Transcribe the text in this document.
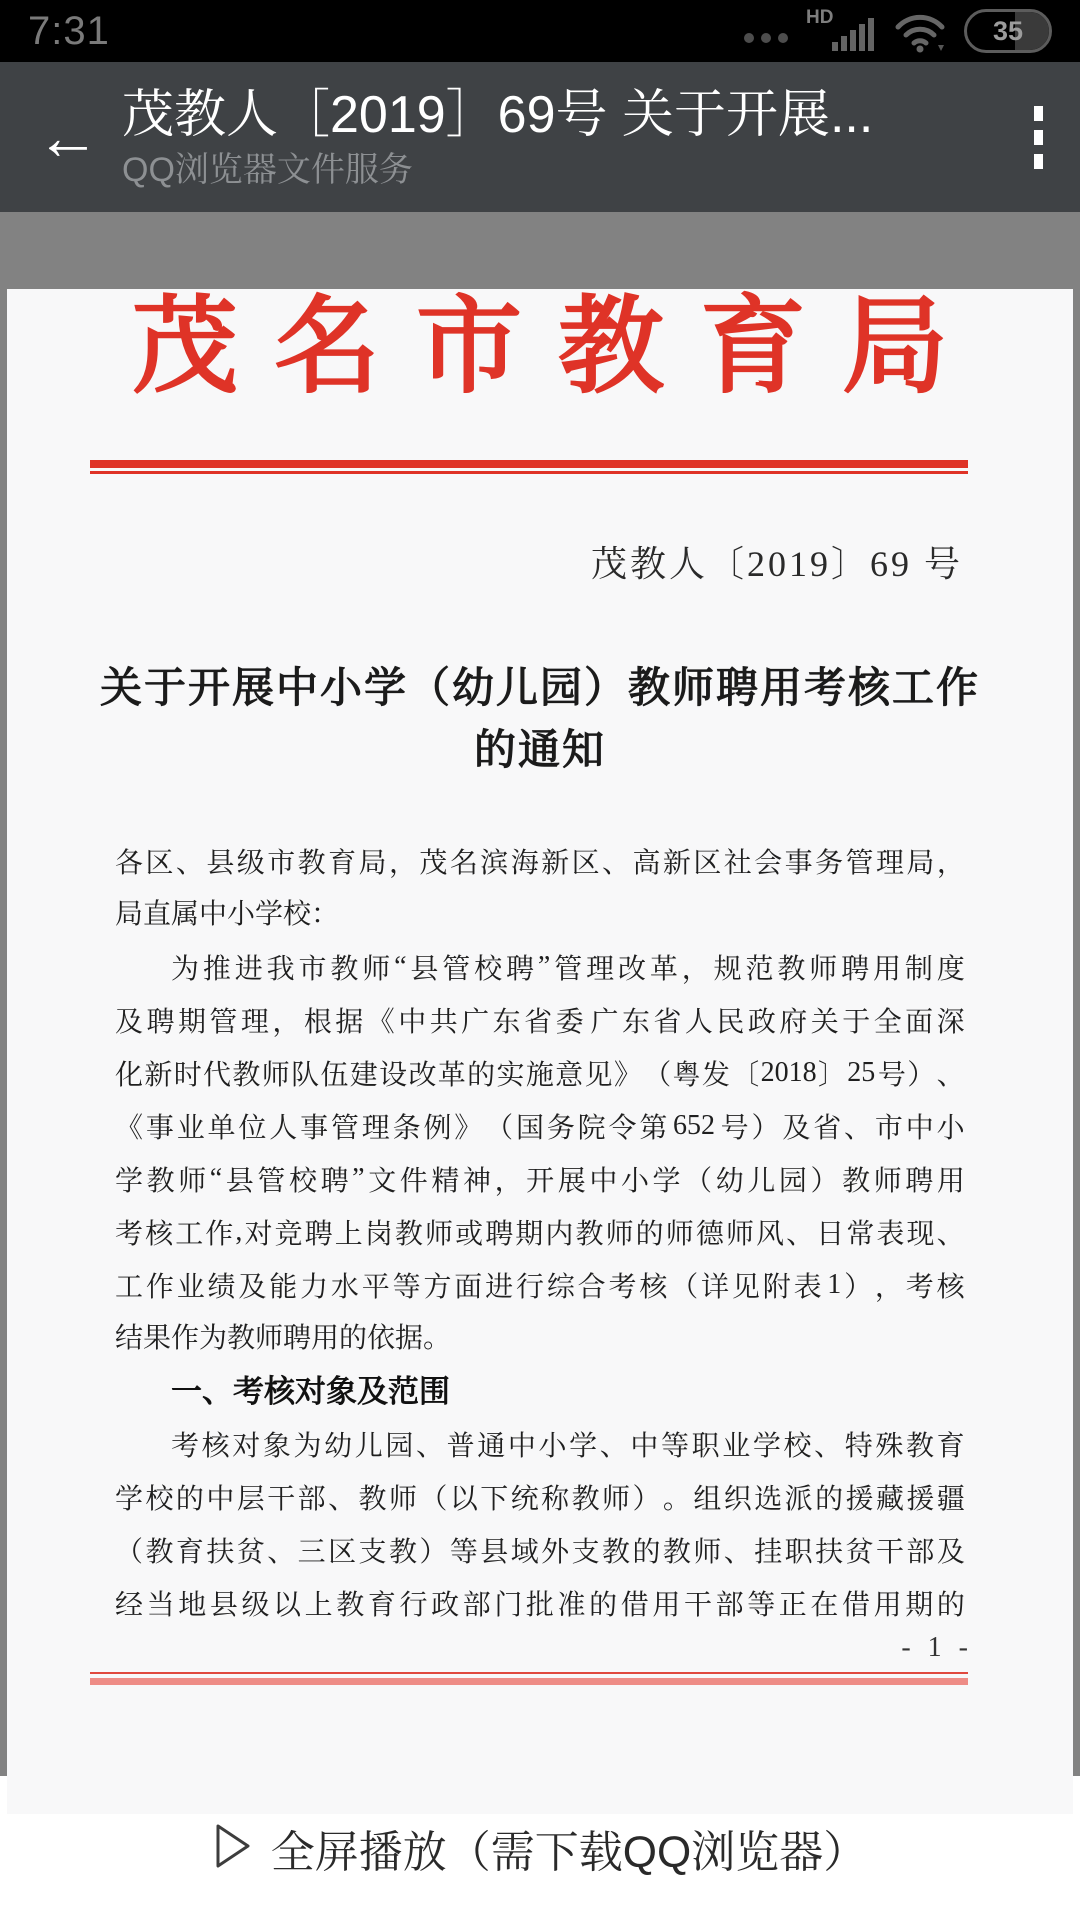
7:31	HD	35
← 茂教人［2019］69号 关于开展...
QQ浏览器文件服务
茂 名 市 教 育 局
茂教人〔2019〕69 号
关于开展中小学（幼儿园）教师聘用考核工作
的通知
各 区 、 县 级 市 教 育 局 ， 茂 名 滨 海 新 区 、 高 新 区 社 会 事 务 管 理 局 ，
局直属中小学校：
为 推 进 我 市 教 师 “ 县 管 校 聘 ” 管 理 改 革 ， 规 范 教 师 聘 用 制 度
及 聘 期 管 理 ， 根 据 《 中 共 广 东 省 委 广 东 省 人 民 政 府 关 于 全 面 深
化 新 时 代 教 师 队 伍 建 设 改 革 的 实 施 意 见 》 （ 粤 发 〔 2018 〕 25 号 ） 、
《 事 业 单 位 人 事 管 理 条 例 》 （ 国 务 院 令 第 652 号 ） 及 省 、 市 中 小
学 教 师 “ 县 管 校 聘 ” 文 件 精 神 ， 开 展 中 小 学 （ 幼 儿 园 ） 教 师 聘 用
考 核 工 作 , 对 竞 聘 上 岗 教 师 或 聘 期 内 教 师 的 师 德 师 风 、 日 常 表 现 、
工 作 业 绩 及 能 力 水 平 等 方 面 进 行 综 合 考 核 （ 详 见 附 表 1 ） ， 考 核
结果作为教师聘用的依据。
一、考核对象及范围
考 核 对 象 为 幼 儿 园 、 普 通 中 小 学 、 中 等 职 业 学 校 、 特 殊 教 育
学 校 的 中 层 干 部 、 教 师 （ 以 下 统 称 教 师 ） 。 组 织 选 派 的 援 藏 援 疆
（ 教 育 扶 贫 、 三 区 支 教 ） 等 县 域 外 支 教 的 教 师 、 挂 职 扶 贫 干 部 及
经 当 地 县 级 以 上 教 育 行 政 部 门 批 准 的 借 用 干 部 等 正 在 借 用 期 的
- 1 -
全屏播放（需下载QQ浏览器）
